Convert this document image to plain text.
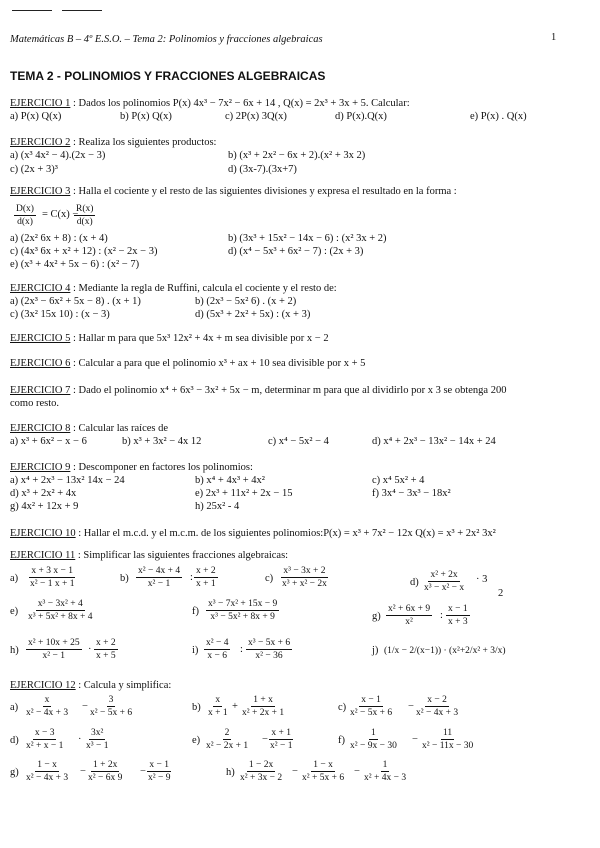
Matemáticas B – 4º E.S.O. – Tema 2: Polinomios y fracciones algebraicas	1
TEMA 2 - POLINOMIOS Y FRACCIONES ALGEBRAICAS
EJERCICIO 1 : Dados los polinomios P(x) 4x³ − 7x² − 6x + 14 , Q(x) = 2x³ + 3x + 5. Calcular:
a) P(x) Q(x)	b) P(x) Q(x)	c) 2P(x) 3Q(x)	d) P(x).Q(x)	e) P(x) . Q(x)
EJERCICIO 2 : Realiza los siguientes productos:
a) (x³ 4x² − 4).(2x − 3)	b) (x³ + 2x² − 6x + 2).(x² + 3x 2)
c) (2x + 3)³	d) (3x-7).(3x+7)
EJERCICIO 3 : Halla el cociente y el resto de las siguientes divisiones y expresa el resultado en la forma :
$\frac{D(x)}{d(x)} = C(x)$ −
$\frac{R(x)}{d(x)}$
a) (2x² 6x + 8) : (x + 4)	b) (3x³ + 15x² − 14x − 6) : (x² 3x + 2)
c) (4x³ 6x + x² + 12) : (x² − 2x − 3)	d) (x⁴ − 5x³ + 6x² − 7) : (2x + 3)
e) (x³ + 4x² + 5x − 6) : (x² − 7)
EJERCICIO 4 : Mediante la regla de Ruffini, calcula el cociente y el resto de:
a) (2x³ − 6x² + 5x − 8) . (x + 1)	b) (2x³ − 5x² 6) . (x + 2)
c) (3x² 15x 10) : (x − 3)	d) (5x³ + 2x² + 5x) : (x + 3)
EJERCICIO 5 : Hallar m para que 5x³ 12x² + 4x + m sea divisible por x − 2
EJERCICIO 6 : Calcular a para que el polinomio x³ + ax + 10 sea divisible por x + 5
EJERCICIO 7 : Dado el polinomio x⁴ + 6x³ − 3x² + 5x − m, determinar m para que al dividirlo por x 3 se obtenga 200
como resto.
EJERCICIO 8 : Calcular las raíces de
a) x³ + 6x² − x − 6	b) x³ + 3x² − 4x 12	c) x⁴ − 5x² − 4	d) x⁴ + 2x³ − 13x² − 14x + 24
EJERCICIO 9 : Descomponer en factores los polinomios:
a) x⁴ + 2x³ − 13x² 14x − 24	b) x⁴ + 4x³ + 4x²	c) x⁴ 5x² + 4
d) x³ + 2x² + 4x	e) 2x³ + 11x² + 2x − 15	f) 3x⁴ − 3x³ − 18x²
g) 4x² + 12x + 9	h) 25x² - 4
EJERCICIO 10 : Hallar el m.c.d. y el m.c.m. de los siguientes polinomios:P(x) = x³ + 7x² − 12x Q(x) = x³ + 2x² 3x²
EJERCICIO 11 : Simplificar las siguientes fracciones algebraicas:
$a) \frac{x + 3 x - 1}{\text{x² − 1 x + 1}}$	$b) \frac{\text{x² − 4x + 4}}{\text{x² − 1}}$ : $\frac{x + 2}{x + 1}$	$c) \frac{\text{x³ − 3x + 2}}{\text{x³ + x² − 2x}}$	$d) \frac{\text{x² + 2x}}{\text{x³ − x² − x}} \cdot 3$
2
$e) \frac{\text{x³ − 3x² + 4}}{\text{x³ + 5x² + 8x + 4}}$	$f) \frac{\text{x³ − 7x² + 15x − 9}}{\text{x³ − 5x² + 8x + 9}}$	$g) \frac{\text{x² + 6x + 9}}{\text{x²}}$ : $\frac{x - 1}{x + 3}$
$h) \frac{\text{x² + 10x + 25}}{\text{x² − 1}} \cdot \frac{x + 2}{x + 5}$	$i) \frac{\text{x² − 4}}{x - 6}$ : $\frac{\text{x³ − 5x + 6}}{\text{x² − 36}}$	j) (1/x − 2/(x−1)) · (x²+2/x² + 3/x)
EJERCICIO 12 : Calcula y simplifica:
$a) \frac{x}{\text{x² − 4x + 3}} - \frac{3}{\text{x² − 5x + 6}}$	$b) \frac{x}{x + 1} + \frac{1 + x}{\text{x² + 2x + 1}}$	$c) \frac{x - 1}{\text{x² − 5x + 6}} - \frac{x - 2}{\text{x² − 4x + 3}}$
$d) \frac{x - 3}{\text{x² + x − 1}} \cdot \frac{\text{3x²}}{\text{x³ − 1}}$	$e) \frac{2}{\text{x² − 2x + 1}} - \frac{x + 1}{\text{x² − 1}}$	$f) \frac{1}{\text{x² − 9x − 30}} - \frac{11}{\text{x² − 11x − 30}}$
$g) \frac{1 - x}{\text{x² − 4x + 3}} - \frac{1 + 2x}{\text{x² − 6x 9}} - \frac{x - 1}{\text{x² − 9}}$	$h) \frac{1 - 2x}{\text{x² + 3x − 2}} - \frac{1 - x}{\text{x² + 5x + 6}} - \frac{1}{\text{x² + 4x − 3}}$
